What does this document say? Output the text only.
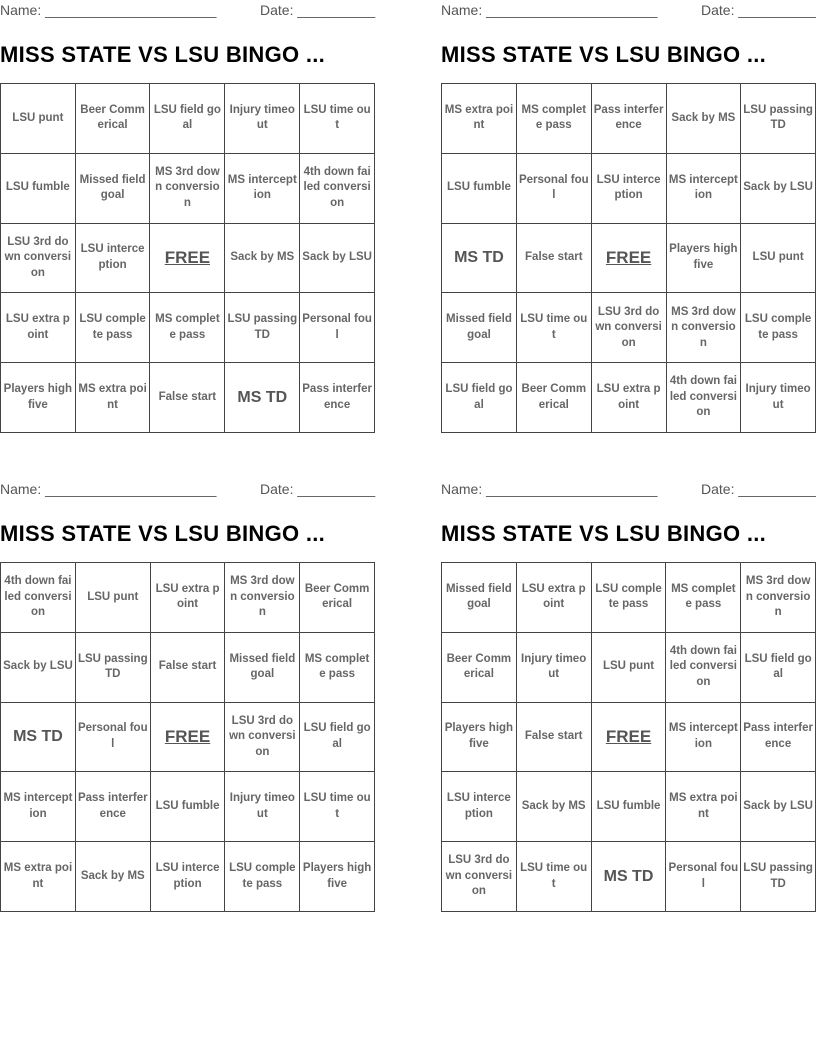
Name: ______________________	Date: __________
MISS STATE VS LSU BINGO ...
LSU punt	Beer Commerical	LSU field goal	Injury timeout	LSU time out
LSU fumble	Missed field goal	MS 3rd down conversion	MS interception	4th down failed conversion
LSU 3rd down conversion	LSU interception	FREE	Sack by MS	Sack by LSU
LSU extra point	LSU complete pass	MS complete pass	LSU passing TD	Personal foul
Players high five	MS extra point	False start	MS TD	Pass interference
Name: ______________________	Date: __________
MISS STATE VS LSU BINGO ...
MS extra point	MS complete pass	Pass interference	Sack by MS	LSU passing TD
LSU fumble	Personal foul	LSU interception	MS interception	Sack by LSU
MS TD	False start	FREE	Players high five	LSU punt
Missed field goal	LSU time out	LSU 3rd down conversion	MS 3rd down conversion	LSU complete pass
LSU field goal	Beer Commerical	LSU extra point	4th down failed conversion	Injury timeout
Name: ______________________	Date: __________
MISS STATE VS LSU BINGO ...
4th down failed conversion	LSU punt	LSU extra point	MS 3rd down conversion	Beer Commerical
Sack by LSU	LSU passing TD	False start	Missed field goal	MS complete pass
MS TD	Personal foul	FREE	LSU 3rd down conversion	LSU field goal
MS interception	Pass interference	LSU fumble	Injury timeout	LSU time out
MS extra point	Sack by MS	LSU interception	LSU complete pass	Players high five
Name: ______________________	Date: __________
MISS STATE VS LSU BINGO ...
Missed field goal	LSU extra point	LSU complete pass	MS complete pass	MS 3rd down conversion
Beer Commerical	Injury timeout	LSU punt	4th down failed conversion	LSU field goal
Players high five	False start	FREE	MS interception	Pass interference
LSU interception	Sack by MS	LSU fumble	MS extra point	Sack by LSU
LSU 3rd down conversion	LSU time out	MS TD	Personal foul	LSU passing TD
